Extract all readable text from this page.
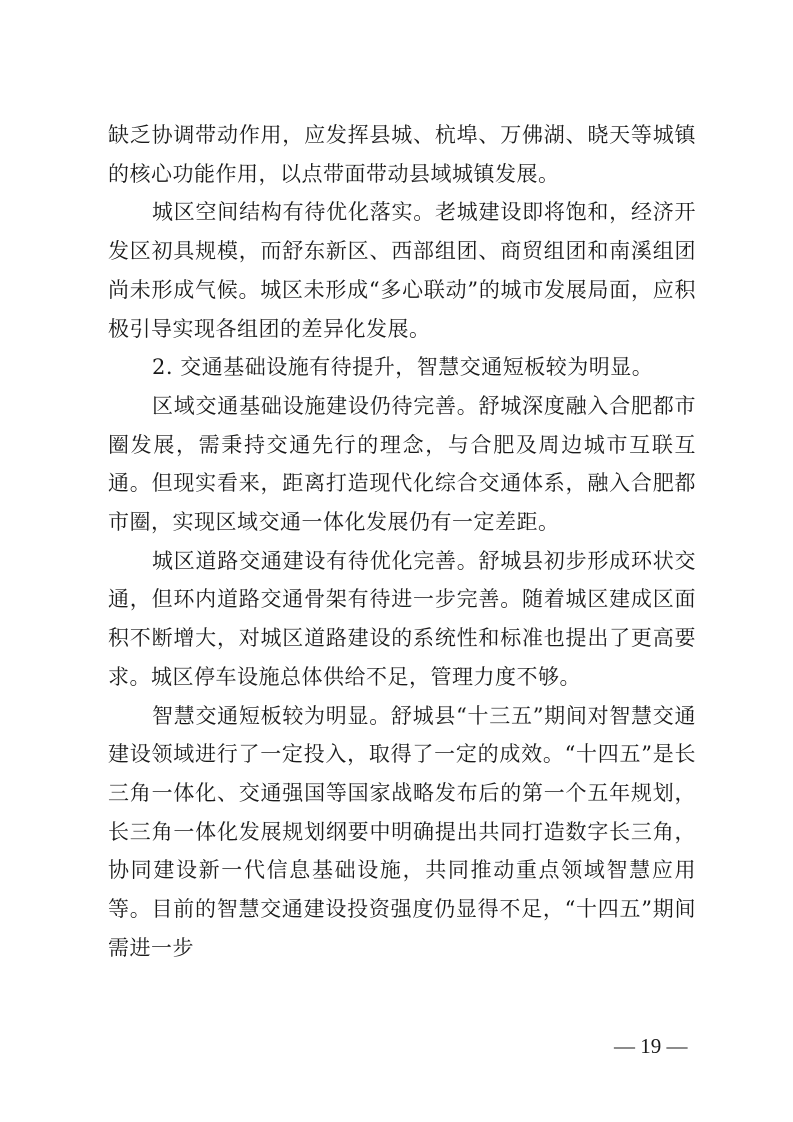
缺乏协调带动作用，应发挥县城、杭埠、万佛湖、晓天等城镇的核心功能作用，以点带面带动县域城镇发展。

城区空间结构有待优化落实。老城建设即将饱和，经济开发区初具规模，而舒东新区、西部组团、商贸组团和南溪组团尚未形成气候。城区未形成“多心联动”的城市发展局面，应积极引导实现各组团的差异化发展。

2. 交通基础设施有待提升，智慧交通短板较为明显。

区域交通基础设施建设仍待完善。舒城深度融入合肥都市圈发展，需秉持交通先行的理念，与合肥及周边城市互联互通。但现实看来，距离打造现代化综合交通体系，融入合肥都市圈，实现区域交通一体化发展仍有一定差距。

城区道路交通建设有待优化完善。舒城县初步形成环状交通，但环内道路交通骨架有待进一步完善。随着城区建成区面积不断增大，对城区道路建设的系统性和标准也提出了更高要求。城区停车设施总体供给不足，管理力度不够。

智慧交通短板较为明显。舒城县“十三五”期间对智慧交通建设领域进行了一定投入，取得了一定的成效。“十四五”是长三角一体化、交通强国等国家战略发布后的第一个五年规划，长三角一体化发展规划纲要中明确提出共同打造数字长三角，协同建设新一代信息基础设施，共同推动重点领域智慧应用等。目前的智慧交通建设投资强度仍显得不足，“十四五”期间需进一步

— 19 —
